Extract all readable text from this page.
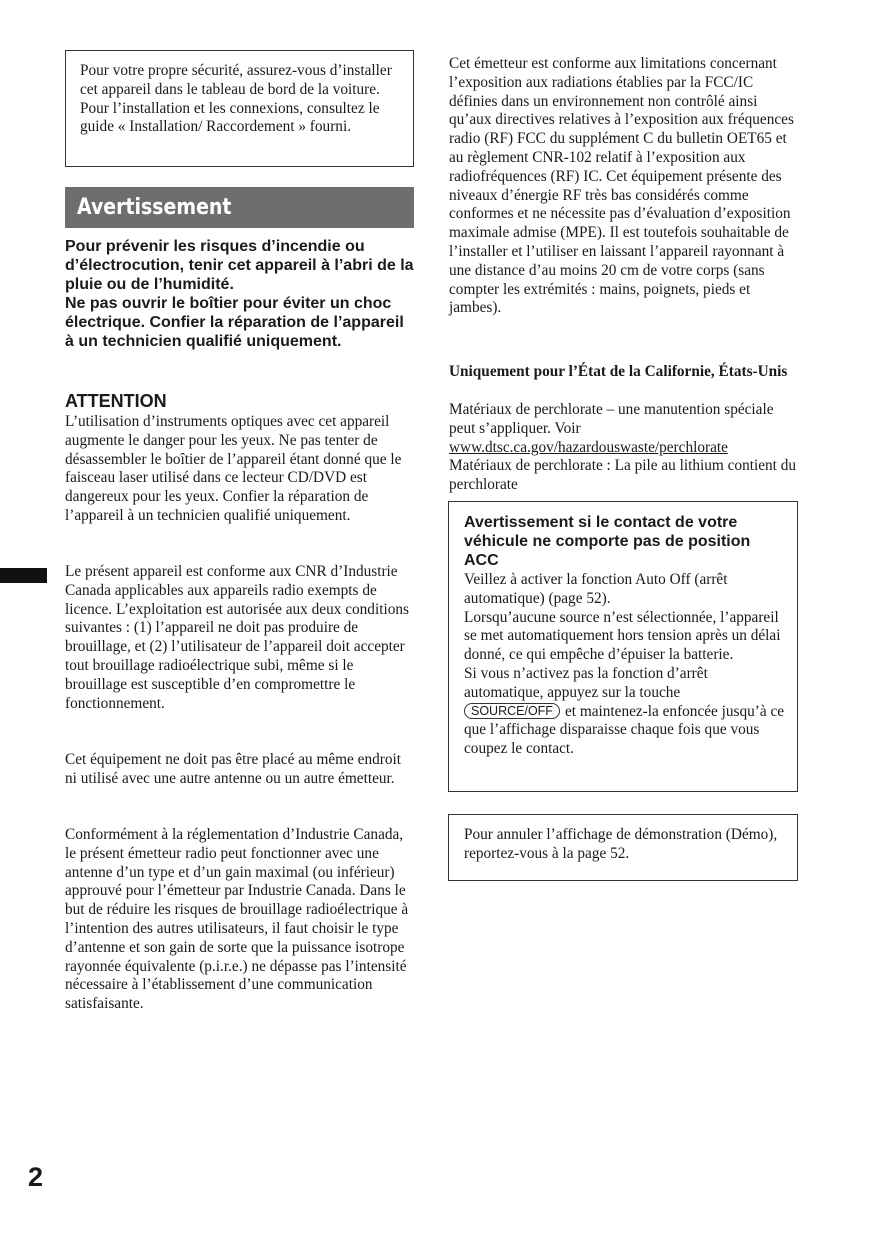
Pour votre propre sécurité, assurez-vous d’installer cet appareil dans le tableau de bord de la voiture. Pour l’installation et les connexions, consultez le guide « Installation/ Raccordement » fourni.

Avertissement

Pour prévenir les risques d’incendie ou d’électrocution, tenir cet appareil à l’abri de la pluie ou de l’humidité.
Ne pas ouvrir le boîtier pour éviter un choc électrique. Confier la réparation de l’appareil à un technicien qualifié uniquement.

ATTENTION

L’utilisation d’instruments optiques avec cet appareil augmente le danger pour les yeux. Ne pas tenter de désassembler le boîtier de l’appareil étant donné que le faisceau laser utilisé dans ce lecteur CD/DVD est dangereux pour les yeux. Confier la réparation de l’appareil à un technicien qualifié uniquement.

Le présent appareil est conforme aux CNR d’Industrie Canada applicables aux appareils radio exempts de licence. L’exploitation est autorisée aux deux conditions suivantes : (1) l’appareil ne doit pas produire de brouillage, et (2) l’utilisateur de l’appareil doit accepter tout brouillage radioélectrique subi, même si le brouillage est susceptible d’en compromettre le fonctionnement.

Cet équipement ne doit pas être placé au même endroit ni utilisé avec une autre antenne ou un autre émetteur.

Conformément à la réglementation d’Industrie Canada, le présent émetteur radio peut fonctionner avec une antenne d’un type et d’un gain maximal (ou inférieur) approuvé pour l’émetteur par Industrie Canada. Dans le but de réduire les risques de brouillage radioélectrique à l’intention des autres utilisateurs, il faut choisir le type d’antenne et son gain de sorte que la puissance isotrope rayonnée équivalente (p.i.r.e.) ne dépasse pas l’intensité nécessaire à l’établissement d’une communication satisfaisante.

2

Cet émetteur est conforme aux limitations concernant l’exposition aux radiations établies par la FCC/IC définies dans un environnement non contrôlé ainsi qu’aux directives relatives à l’exposition aux fréquences radio (RF) FCC du supplément C du bulletin OET65 et au règlement CNR-102 relatif à l’exposition aux radiofréquences (RF) IC. Cet équipement présente des niveaux d’énergie RF très bas considérés comme conformes et ne nécessite pas d’évaluation d’exposition maximale admise (MPE). Il est toutefois souhaitable de l’installer et l’utiliser en laissant l’appareil rayonnant à une distance d’au moins 20 cm de votre corps (sans compter les extrémités : mains, poignets, pieds et jambes).

Uniquement pour l’État de la Californie, États-Unis

Matériaux de perchlorate – une manutention spéciale peut s’appliquer. Voir
www.dtsc.ca.gov/hazardouswaste/perchlorate
Matériaux de perchlorate : La pile au lithium contient du perchlorate

Avertissement si le contact de votre véhicule ne comporte pas de position ACC

Veillez à activer la fonction Auto Off (arrêt automatique) (page 52).
Lorsqu’aucune source n’est sélectionnée, l’appareil se met automatiquement hors tension après un délai donné, ce qui empêche d’épuiser la batterie.
Si vous n’activez pas la fonction d’arrêt automatique, appuyez sur la touche
SOURCE/OFF et maintenez-la enfoncée jusqu’à ce que l’affichage disparaisse chaque fois que vous coupez le contact.

Pour annuler l’affichage de démonstration (Démo), reportez-vous à la page 52.
